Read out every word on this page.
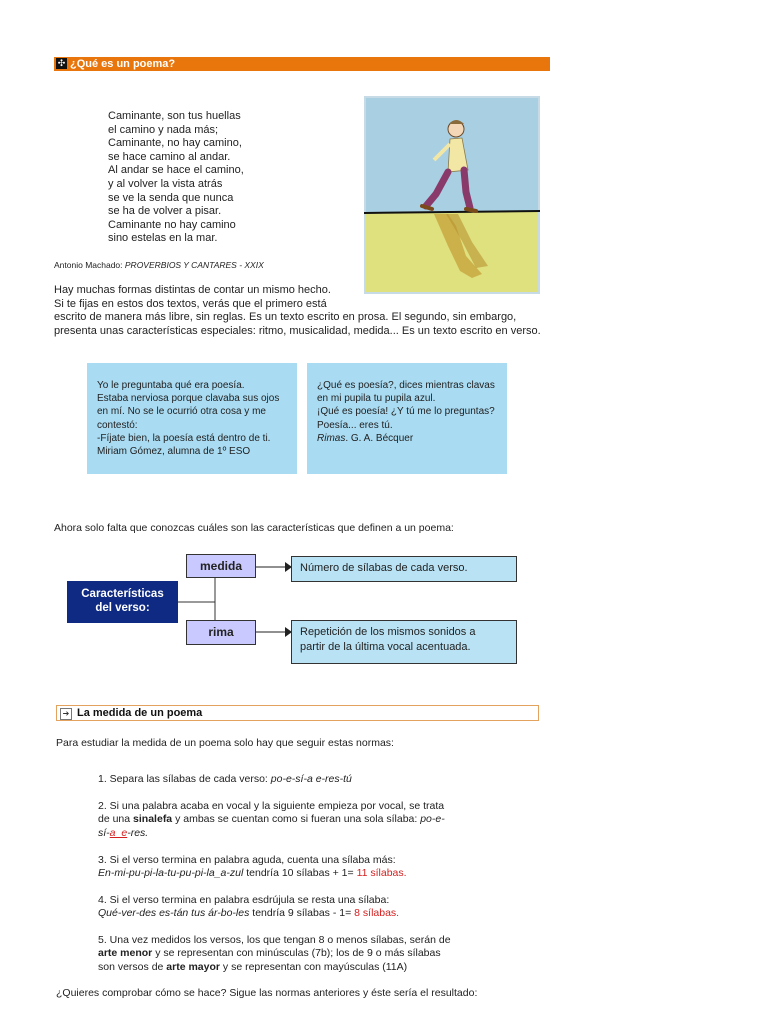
✣ ¿Qué es un poema?
Caminante, son tus huellas
el camino y nada más;
Caminante, no hay camino,
se hace camino al andar.
Al andar se hace el camino,
y al volver la vista atrás
se ve la senda que nunca
se ha de volver a pisar.
Caminante no hay camino
sino estelas en la mar.
Antonio Machado: PROVERBIOS Y CANTARES - XXIX
Hay muchas formas distintas de contar un mismo hecho.
Si te fijas en estos dos textos, verás que el primero está
escrito de manera más libre, sin reglas. Es un texto escrito en prosa. El segundo, sin embargo, presenta unas características especiales: ritmo, musicalidad, medida... Es un texto escrito en verso.
Yo le preguntaba qué era poesía.
Estaba nerviosa porque clavaba sus ojos
en mí. No se le ocurrió otra cosa y me
contestó:
-Fíjate bien, la poesía está dentro de ti.
Miriam Gómez, alumna de 1º ESO
¿Qué es poesía?, dices mientras clavas
en mi pupila tu pupila azul.
¡Qué es poesía! ¿Y tú me lo preguntas?
Poesía... eres tú.
Rimas. G. A. Bécquer
Ahora solo falta que conozcas cuáles son las características que definen a un poema:
Características
del verso:
medida
rima
Número de sílabas de cada verso.
Repetición de los mismos sonidos a
partir de la última vocal acentuada.
➔ La medida de un poema
Para estudiar la medida de un poema solo hay que seguir estas normas:
1. Separa las sílabas de cada verso: po-e-sí-a e-res-tú
2. Si una palabra acaba en vocal y la siguiente empieza por vocal, se trata
de una sinalefa y ambas se cuentan como si fueran una sola sílaba: po-e-
sí-a_e-res.
3. Si el verso termina en palabra aguda, cuenta una sílaba más:
En-mi-pu-pi-la-tu-pu-pi-la_a-zul tendría 10 sílabas + 1= 11 sílabas.
4. Si el verso termina en palabra esdrújula se resta una sílaba:
Qué-ver-des es-tán tus ár-bo-les tendría 9 sílabas - 1= 8 sílabas.
5. Una vez medidos los versos, los que tengan 8 o menos sílabas, serán de
arte menor y se representan con minúsculas (7b); los de 9 o más sílabas
son versos de arte mayor y se representan con mayúsculas (11A)
¿Quieres comprobar cómo se hace? Sigue las normas anteriores y éste sería el resultado:
